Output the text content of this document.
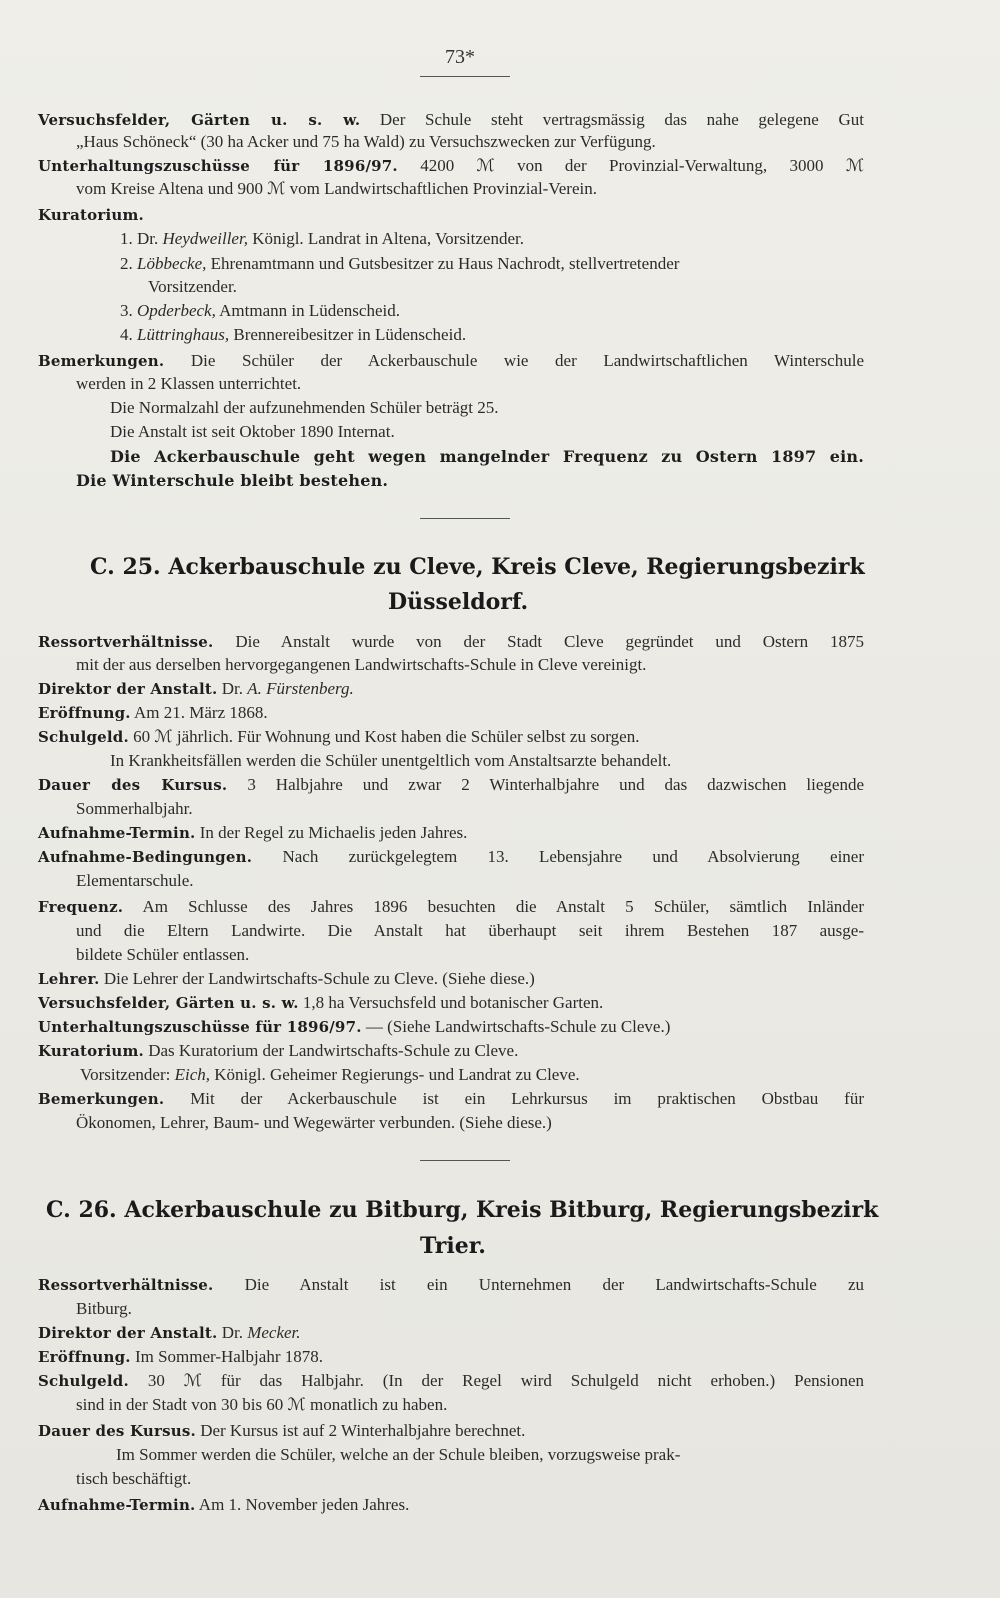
73*
Versuchsfelder, Gärten u. s. w. Der Schule steht vertragsmässig das nahe gelegene Gut
„Haus Schöneck“ (30 ha Acker und 75 ha Wald) zu Versuchszwecken zur Verfügung.
Unterhaltungszuschüsse für 1896/97. 4200 ℳ von der Provinzial-Verwaltung, 3000 ℳ
vom Kreise Altena und 900 ℳ vom Landwirtschaftlichen Provinzial-Verein.
Kuratorium.
1. Dr. Heydweiller, Königl. Landrat in Altena, Vorsitzender.
2. Löbbecke, Ehrenamtmann und Gutsbesitzer zu Haus Nachrodt, stellvertretender
Vorsitzender.
3. Opderbeck, Amtmann in Lüdenscheid.
4. Lüttringhaus, Brennereibesitzer in Lüdenscheid.
Bemerkungen. Die Schüler der Ackerbauschule wie der Landwirtschaftlichen Winterschule
werden in 2 Klassen unterrichtet.
Die Normalzahl der aufzunehmenden Schüler beträgt 25.
Die Anstalt ist seit Oktober 1890 Internat.
Die Ackerbauschule geht wegen mangelnder Frequenz zu Ostern 1897 ein.
Die Winterschule bleibt bestehen.
C. 25. Ackerbauschule zu Cleve, Kreis Cleve, Regierungsbezirk
Düsseldorf.
Ressortverhältnisse. Die Anstalt wurde von der Stadt Cleve gegründet und Ostern 1875
mit der aus derselben hervorgegangenen Landwirtschafts-Schule in Cleve vereinigt.
Direktor der Anstalt. Dr. A. Fürstenberg.
Eröffnung. Am 21. März 1868.
Schulgeld. 60 ℳ jährlich. Für Wohnung und Kost haben die Schüler selbst zu sorgen.
In Krankheitsfällen werden die Schüler unentgeltlich vom Anstaltsarzte behandelt.
Dauer des Kursus. 3 Halbjahre und zwar 2 Winterhalbjahre und das dazwischen liegende
Sommerhalbjahr.
Aufnahme-Termin. In der Regel zu Michaelis jeden Jahres.
Aufnahme-Bedingungen. Nach zurückgelegtem 13. Lebensjahre und Absolvierung einer
Elementarschule.
Frequenz. Am Schlusse des Jahres 1896 besuchten die Anstalt 5 Schüler, sämtlich Inländer
und die Eltern Landwirte. Die Anstalt hat überhaupt seit ihrem Bestehen 187 ausge-
bildete Schüler entlassen.
Lehrer. Die Lehrer der Landwirtschafts-Schule zu Cleve. (Siehe diese.)
Versuchsfelder, Gärten u. s. w. 1,8 ha Versuchsfeld und botanischer Garten.
Unterhaltungszuschüsse für 1896/97. — (Siehe Landwirtschafts-Schule zu Cleve.)
Kuratorium. Das Kuratorium der Landwirtschafts-Schule zu Cleve.
Vorsitzender: Eich, Königl. Geheimer Regierungs- und Landrat zu Cleve.
Bemerkungen. Mit der Ackerbauschule ist ein Lehrkursus im praktischen Obstbau für
Ökonomen, Lehrer, Baum- und Wegewärter verbunden. (Siehe diese.)
C. 26. Ackerbauschule zu Bitburg, Kreis Bitburg, Regierungsbezirk
Trier.
Ressortverhältnisse. Die Anstalt ist ein Unternehmen der Landwirtschafts-Schule zu
Bitburg.
Direktor der Anstalt. Dr. Mecker.
Eröffnung. Im Sommer-Halbjahr 1878.
Schulgeld. 30 ℳ für das Halbjahr. (In der Regel wird Schulgeld nicht erhoben.) Pensionen
sind in der Stadt von 30 bis 60 ℳ monatlich zu haben.
Dauer des Kursus. Der Kursus ist auf 2 Winterhalbjahre berechnet.
Im Sommer werden die Schüler, welche an der Schule bleiben, vorzugsweise prak-
tisch beschäftigt.
Aufnahme-Termin. Am 1. November jeden Jahres.
